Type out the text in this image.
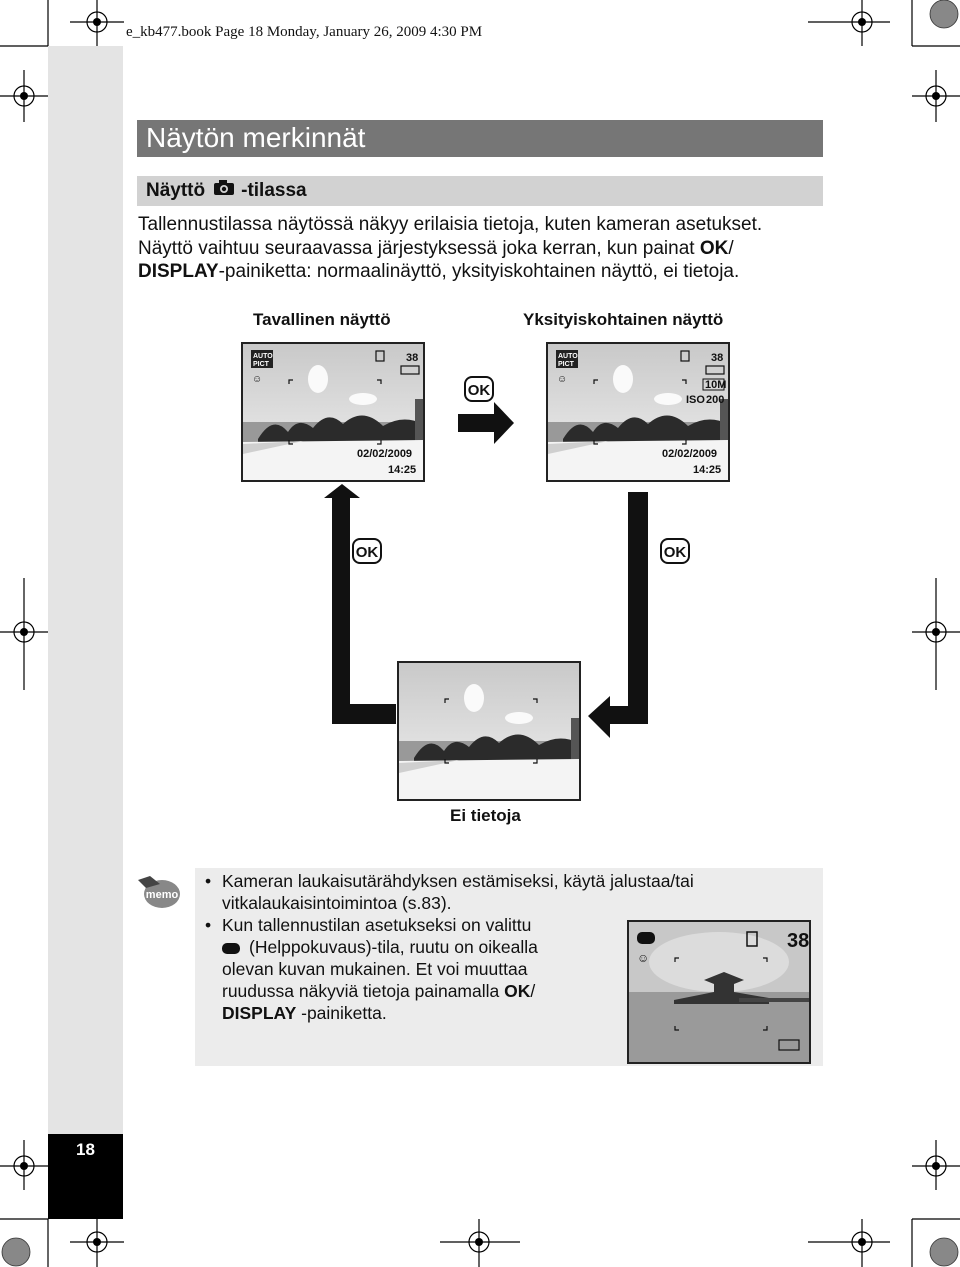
e_kb477.book Page 18 Monday, January 26, 2009 4:30 PM
18
Näytön merkinnät
Näyttö -tilassa
Tallennustilassa näytössä näkyy erilaisia tietoja, kuten kameran asetukset.
Näyttö vaihtuu seuraavassa järjestyksessä joka kerran, kun painat OK/
DISPLAY-painiketta: normaalinäyttö, yksityiskohtainen näyttö, ei tietoja.
Tavallinen näyttö	Yksityiskohtainen näyttö
AUTO
PICT
38
☺
02/02/2009
14:25
OK
AUTO
PICT
38
10M
ISO 200
☺
02/02/2009
14:25
OK	OK
Ei tietoja
memo
• Kameran laukaisutärähdyksen estämiseksi, käytä jalustaa/tai vitkalaukaisintoimintoa (s.83).
• Kun tallennustilan asetukseksi on valittu
(Helppokuvaus)-tila, ruutu on oikealla
olevan kuvan mukainen. Et voi muuttaa
ruudussa näkyviä tietoja painamalla OK/
DISPLAY -painiketta.
38
☺
